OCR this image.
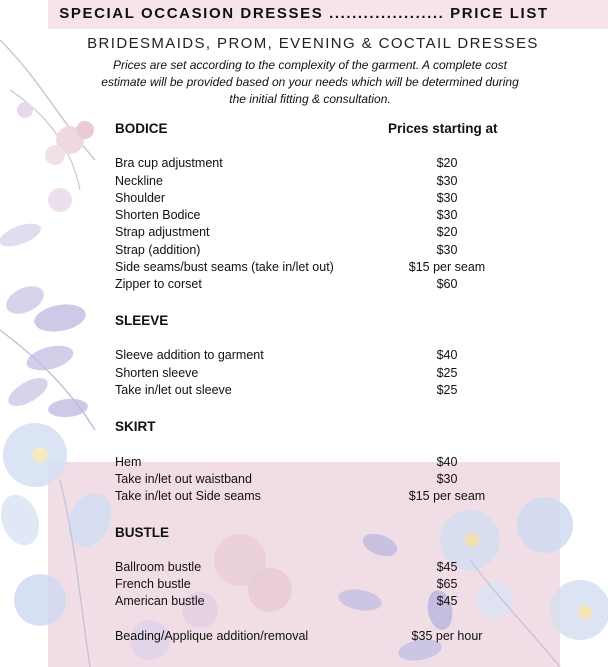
SPECIAL OCCASION DRESSES .................... PRICE LIST
BRIDESMAIDS, PROM, EVENING & COCTAIL DRESSES
Prices are set according to the complexity of the garment. A complete cost estimate will be provided based on your needs which will be determined during the initial fitting & consultation.
BODICE	Prices starting at
Bra cup adjustment	$20
Neckline	$30
Shoulder	$30
Shorten Bodice	$30
Strap adjustment	$20
Strap (addition)	$30
Side seams/bust seams (take in/let out)	$15 per seam
Zipper to corset	$60
SLEEVE
Sleeve addition to garment	$40
Shorten sleeve	$25
Take in/let out sleeve	$25
SKIRT
Hem	$40
Take in/let out waistband	$30
Take in/let out Side seams	$15 per seam
BUSTLE
Ballroom bustle	$45
French bustle	$65
American bustle	$45
Beading/Applique addition/removal	$35 per hour
